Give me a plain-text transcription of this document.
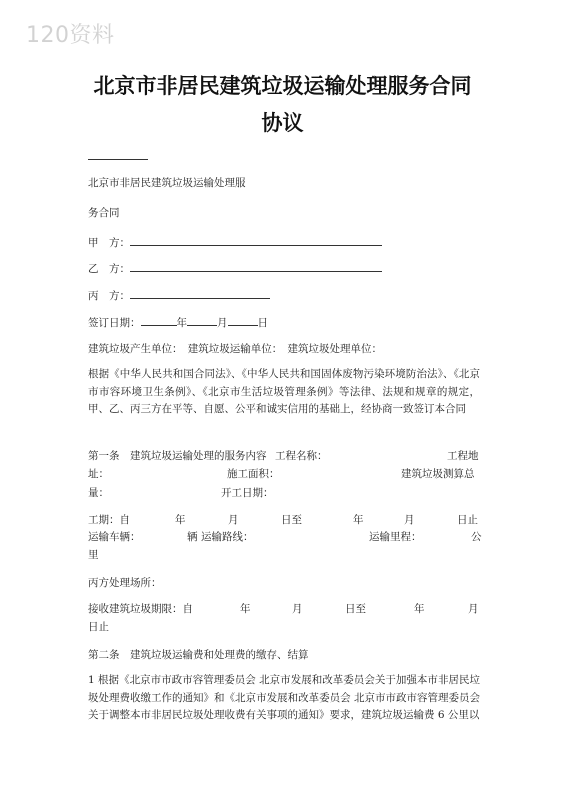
120资料
北京市非居民建筑垃圾运输处理服务合同
协议
北京市非居民建筑垃圾运输处理服
务合同
甲　方：
乙　方：
丙　方：
签订日期：	年	月	日
建筑垃圾产生单位：　建筑垃圾运输单位：　建筑垃圾处理单位：
根据《中华人民共和国合同法》、《中华人民共和国固体废物污染环境防治法》、《北京市市容环境卫生条例》、《北京市生活垃圾管理条例》等法律、法规和规章的规定，甲、乙、丙三方在平等、自愿、公平和诚实信用的基础上，经协商一致签订本合同
第一条　建筑垃圾运输处理的服务内容 工程名称：	工程地
址：	施工面积：	建筑垃圾测算总
量：	开工日期：
工期：自	年	月	日至	年	月	日止
运输车辆：	辆 运输路线：	运输里程：	公
里
丙方处理场所：
接收建筑垃圾期限：自	年	月	日至	年	月
日止
第二条　建筑垃圾运输费和处理费的缴存、结算
1 根据《北京市市政市容管理委员会 北京市发展和改革委员会关于加强本市非居民垃圾处理费收缴工作的通知》和《北京市发展和改革委员会 北京市市政市容管理委员会关于调整本市非居民垃圾处理收费有关事项的通知》要求，建筑垃圾运输费 6 公里以
